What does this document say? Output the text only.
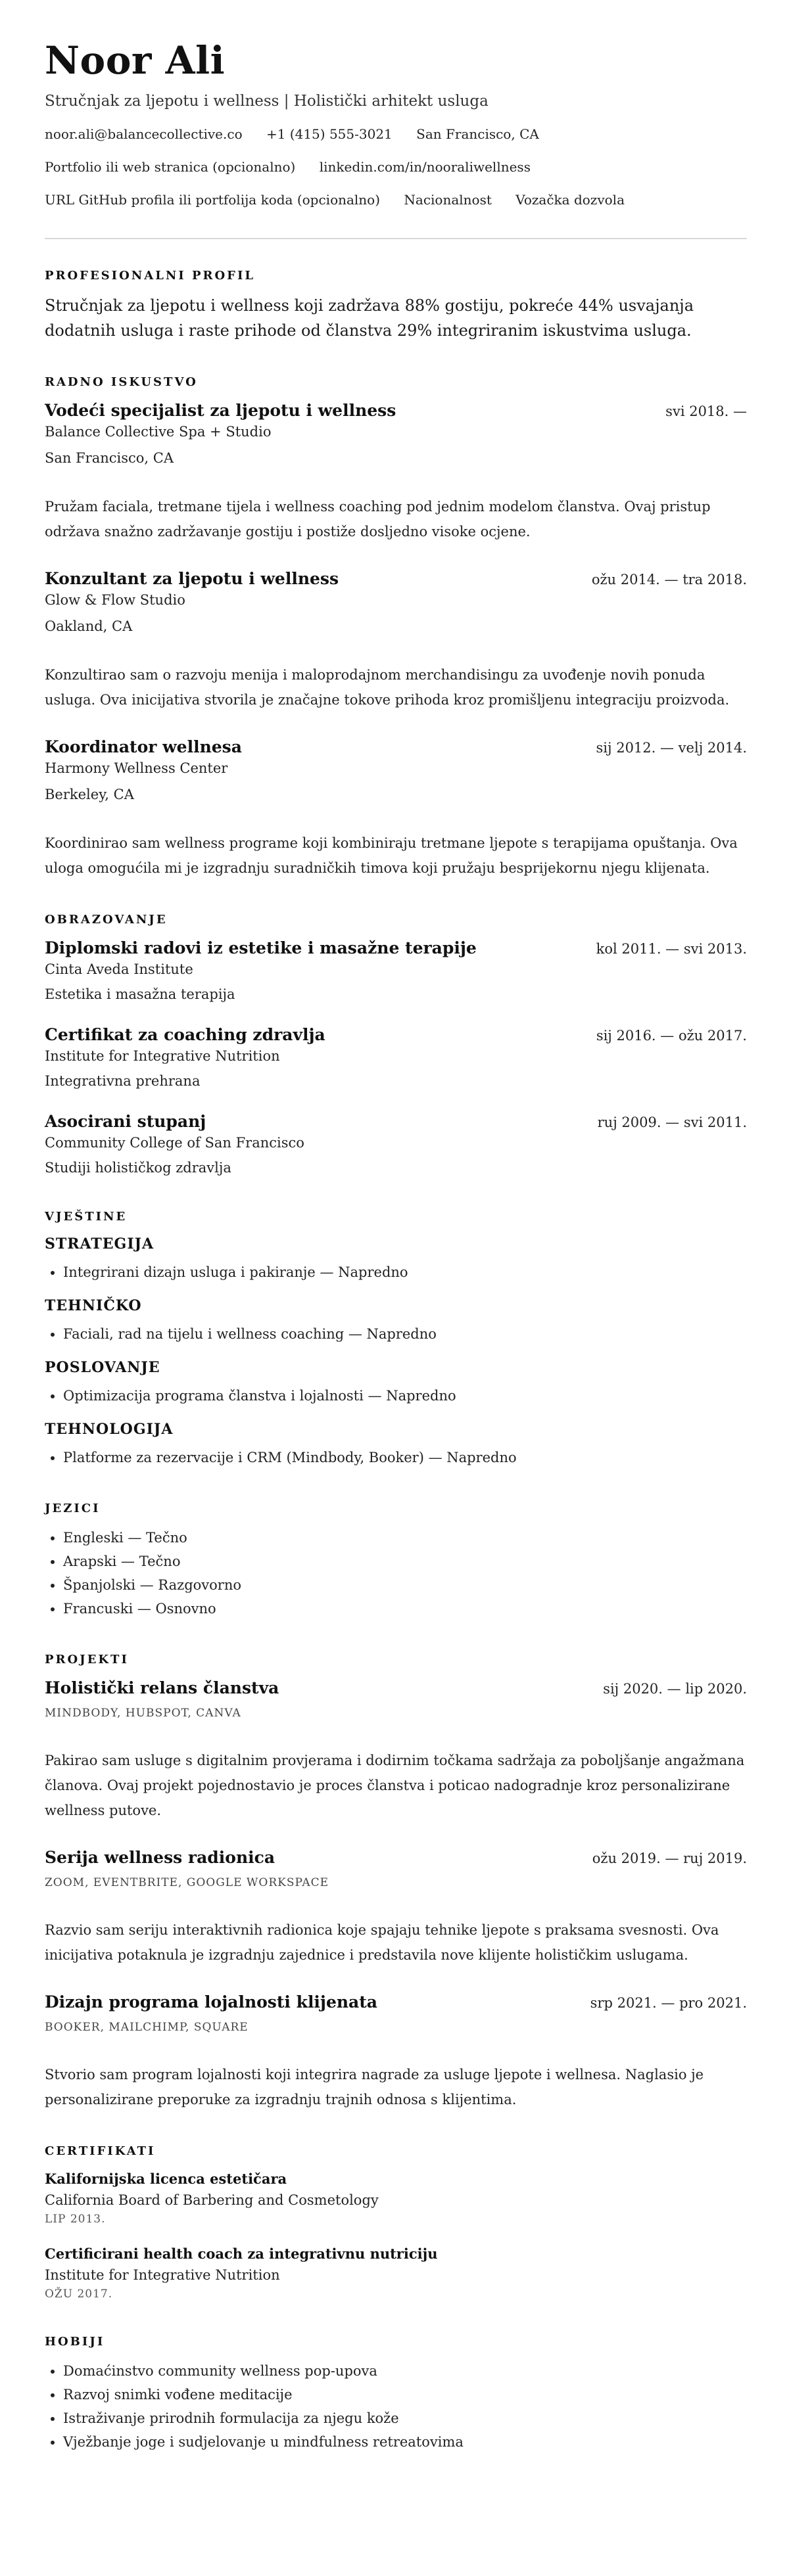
Noor Ali
Stručnjak za ljepotu i wellness | Holistički arhitekt usluga
noor.ali@balancecollective.co +1 (415) 555-3021 San Francisco, CA
Portfolio ili web stranica (opcionalno) linkedin.com/in/nooraliwellness
URL GitHub profila ili portfolija koda (opcionalno) Nacionalnost Vozačka dozvola
PROFESIONALNI PROFIL
Stručnjak za ljepotu i wellness koji zadržava 88% gostiju, pokreće 44% usvajanja dodatnih usluga i raste prihode od članstva 29% integriranim iskustvima usluga.
RADNO ISKUSTVO
Vodeći specijalist za ljepotu i wellness	svi 2018. —
Balance Collective Spa + Studio
San Francisco, CA
Pružam faciala, tretmane tijela i wellness coaching pod jednim modelom članstva. Ovaj pristup održava snažno zadržavanje gostiju i postiže dosljedno visoke ocjene.
Konzultant za ljepotu i wellness	ožu 2014. — tra 2018.
Glow & Flow Studio
Oakland, CA
Konzultirao sam o razvoju menija i maloprodajnom merchandisingu za uvođenje novih ponuda usluga. Ova inicijativa stvorila je značajne tokove prihoda kroz promišljenu integraciju proizvoda.
Koordinator wellnesa	sij 2012. — velj 2014.
Harmony Wellness Center
Berkeley, CA
Koordinirao sam wellness programe koji kombiniraju tretmane ljepote s terapijama opuštanja. Ova uloga omogućila mi je izgradnju suradničkih timova koji pružaju besprijekornu njegu klijenata.
OBRAZOVANJE
Diplomski radovi iz estetike i masažne terapije	kol 2011. — svi 2013.
Cinta Aveda Institute
Estetika i masažna terapija
Certifikat za coaching zdravlja	sij 2016. — ožu 2017.
Institute for Integrative Nutrition
Integrativna prehrana
Asocirani stupanj	ruj 2009. — svi 2011.
Community College of San Francisco
Studiji holističkog zdravlja
VJEŠTINE
STRATEGIJA
• Integrirani dizajn usluga i pakiranje — Napredno
TEHNIČKO
• Faciali, rad na tijelu i wellness coaching — Napredno
POSLOVANJE
• Optimizacija programa članstva i lojalnosti — Napredno
TEHNOLOGIJA
• Platforme za rezervacije i CRM (Mindbody, Booker) — Napredno
JEZICI
• Engleski — Tečno
• Arapski — Tečno
• Španjolski — Razgovorno
• Francuski — Osnovno
PROJEKTI
Holistički relans članstva	sij 2020. — lip 2020.
MINDBODY, HUBSPOT, CANVA
Pakirao sam usluge s digitalnim provjerama i dodirnim točkama sadržaja za poboljšanje angažmana članova. Ovaj projekt pojednostavio je proces članstva i poticao nadogradnje kroz personalizirane wellness putove.
Serija wellness radionica	ožu 2019. — ruj 2019.
ZOOM, EVENTBRITE, GOOGLE WORKSPACE
Razvio sam seriju interaktivnih radionica koje spajaju tehnike ljepote s praksama svesnosti. Ova inicijativa potaknula je izgradnju zajednice i predstavila nove klijente holističkim uslugama.
Dizajn programa lojalnosti klijenata	srp 2021. — pro 2021.
BOOKER, MAILCHIMP, SQUARE
Stvorio sam program lojalnosti koji integrira nagrade za usluge ljepote i wellnesa. Naglasio je personalizirane preporuke za izgradnju trajnih odnosa s klijentima.
CERTIFIKATI
Kalifornijska licenca estetičara
California Board of Barbering and Cosmetology
LIP 2013.
Certificirani health coach za integrativnu nutriciju
Institute for Integrative Nutrition
OŽU 2017.
HOBIJI
• Domaćinstvo community wellness pop-upova
• Razvoj snimki vođene meditacije
• Istraživanje prirodnih formulacija za njegu kože
• Vježbanje joge i sudjelovanje u mindfulness retreatovima
